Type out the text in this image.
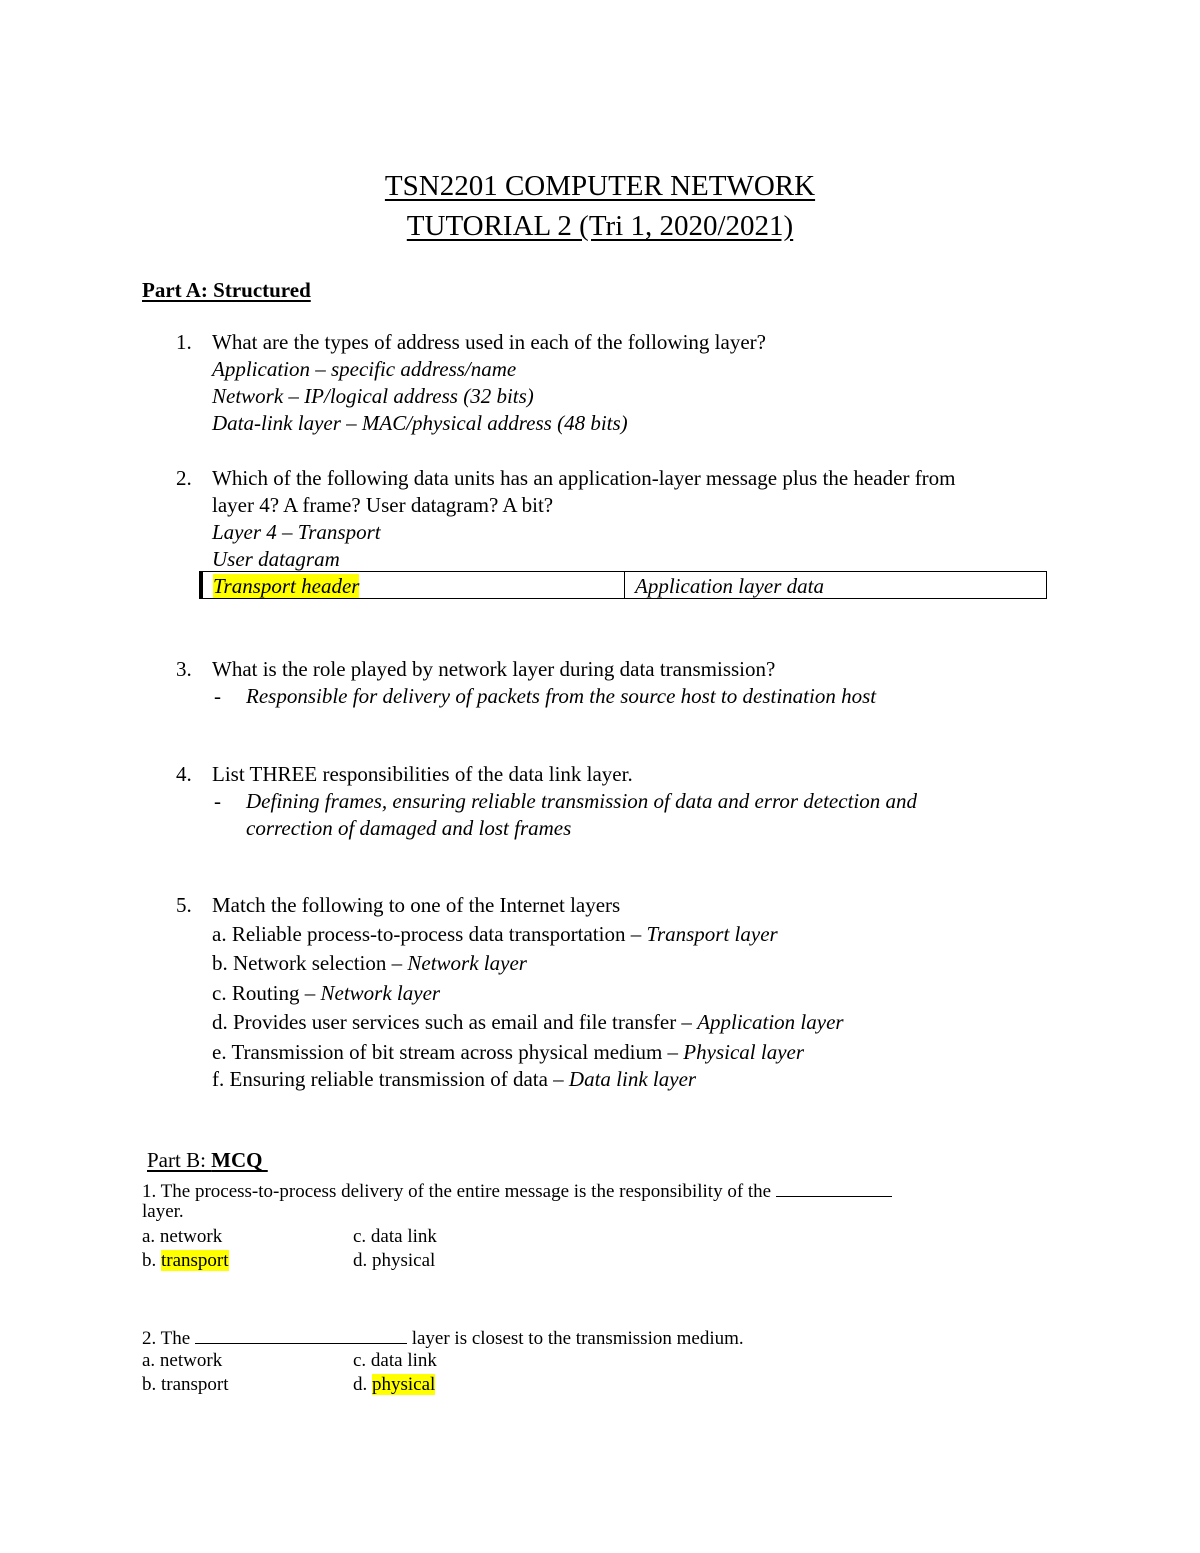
TSN2201 COMPUTER NETWORK
TUTORIAL 2 (Tri 1, 2020/2021)
Part A: Structured
1. What are the types of address used in each of the following layer?
Application – specific address/name
Network – IP/logical address (32 bits)
Data-link layer – MAC/physical address (48 bits)
2. Which of the following data units has an application-layer message plus the header from
layer 4? A frame? User datagram? A bit?
Layer 4 – Transport
User datagram
Transport header	Application layer data
3. What is the role played by network layer during data transmission?
- Responsible for delivery of packets from the source host to destination host
4. List THREE responsibilities of the data link layer.
- Defining frames, ensuring reliable transmission of data and error detection and
correction of damaged and lost frames
5. Match the following to one of the Internet layers
a. Reliable process-to-process data transportation – Transport layer
b. Network selection – Network layer
c. Routing – Network layer
d. Provides user services such as email and file transfer – Application layer
e. Transmission of bit stream across physical medium – Physical layer
f. Ensuring reliable transmission of data – Data link layer
Part B: MCQ
1. The process-to-process delivery of the entire message is the responsibility of the
layer.
a. network	c. data link
b. transport	d. physical
2. The	layer is closest to the transmission medium.
a. network	c. data link
b. transport	d. physical
